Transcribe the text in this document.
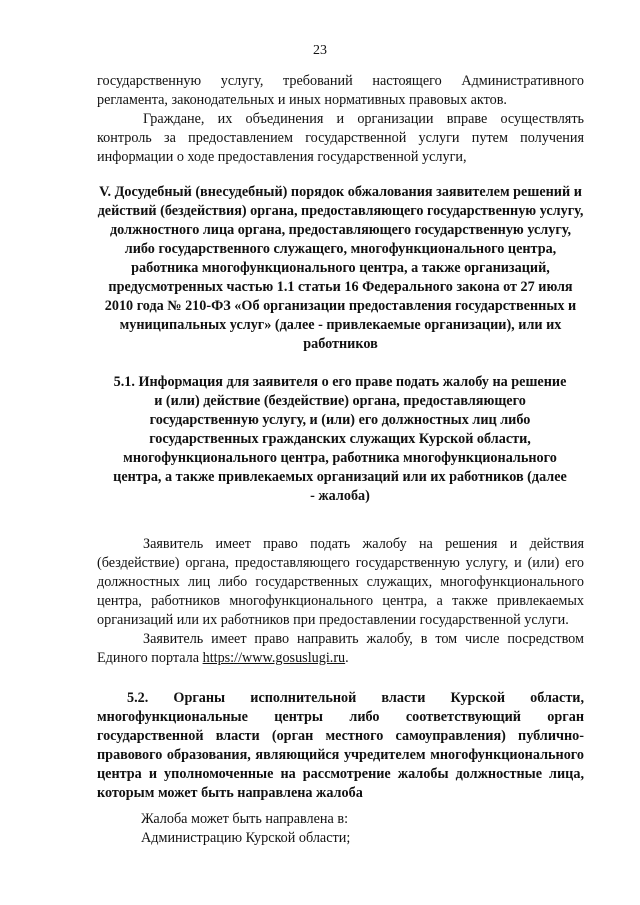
23

государственную услугу, требований настоящего Административного регламента, законодательных и иных нормативных правовых актов.

Граждане, их объединения и организации вправе осуществлять контроль за предоставлением государственной услуги путем получения информации о ходе предоставления государственной услуги,

V. Досудебный (внесудебный) порядок обжалования заявителем решений и действий (бездействия) органа, предоставляющего государственную услугу, должностного лица органа, предоставляющего государственную услугу, либо государственного служащего, многофункционального центра, работника многофункционального центра, а также организаций, предусмотренных частью 1.1 статьи 16 Федерального закона от 27 июля 2010 года № 210-ФЗ «Об организации предоставления государственных и муниципальных услуг» (далее - привлекаемые организации), или их работников

5.1. Информация для заявителя о его праве подать жалобу на решение и (или) действие (бездействие) органа, предоставляющего государственную услугу, и (или) его должностных лиц либо государственных гражданских служащих Курской области, многофункционального центра, работника многофункционального центра, а также привлекаемых организаций или их работников (далее - жалоба)

Заявитель имеет право подать жалобу на решения и действия (бездействие) органа, предоставляющего государственную услугу, и (или) его должностных лиц либо государственных служащих, многофункционального центра, работников многофункционального центра, а также привлекаемых организаций или их работников при предоставлении государственной услуги.

Заявитель имеет право направить жалобу, в том числе посредством Единого портала https://www.gosuslugi.ru.

5.2. Органы исполнительной власти Курской области, многофункциональные центры либо соответствующий орган государственной власти (орган местного самоуправления) публично-правового образования, являющийся учредителем многофункционального центра и уполномоченные на рассмотрение жалобы должностные лица, которым может быть направлена жалоба

Жалоба может быть направлена в:

Администрацию Курской области;
